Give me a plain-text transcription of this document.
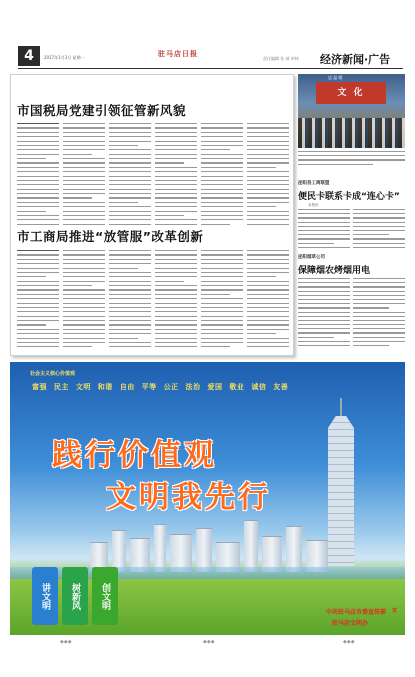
4	2017年1月3日 星期一	驻马店日报
责任编辑 张 郝 审核 经济新闻·广告
市国税局党建引领征管新风貌
市工商局推进“放管服”改革创新
送 温 暖
文 化
泌阳县工商联盟
便民卡联系卡成“连心卡”
本报讯
泌阳烟草公司
保障烟农烤烟用电
社会主义核心价值观
富强 民主 文明 和谐 自由 平等 公正 法治 爱国 敬业 诚信 友善
践行价值观
文明我先行
讲文明	树新风	创文明
中共驻马店市委宣传部
驻马店文明办
宣
◆◆◆	◆◆◆	◆◆◆
